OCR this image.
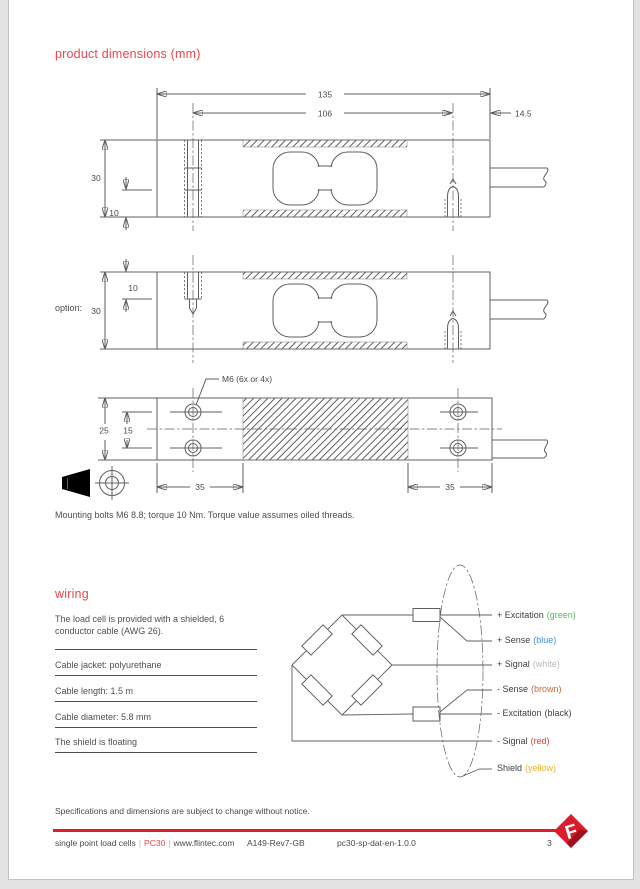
135
106	14.5
30
10
option:
10
30
M6 (6x or 4x)
25 15
35	35
product dimensions (mm)
Mounting bolts M6 8.8; torque 10 Nm. Torque value assumes oiled threads.
wiring
The load cell is provided with a shielded, 6 conductor cable (AWG 26).
Cable jacket: polyurethane
Cable length: 1.5 m
Cable diameter: 5.8 mm
The shield is floating
+ Excitation (green)
+ Sense (blue)
+ Signal (white)
- Sense (brown)
- Excitation (black)
- Signal (red)
Shield (yellow)
Specifications and dimensions are subject to change without notice.
F
single point load cells | PC30 | www.flintec.com A149-Rev7-GB	pc30-sp-dat-en-1.0.0	3
